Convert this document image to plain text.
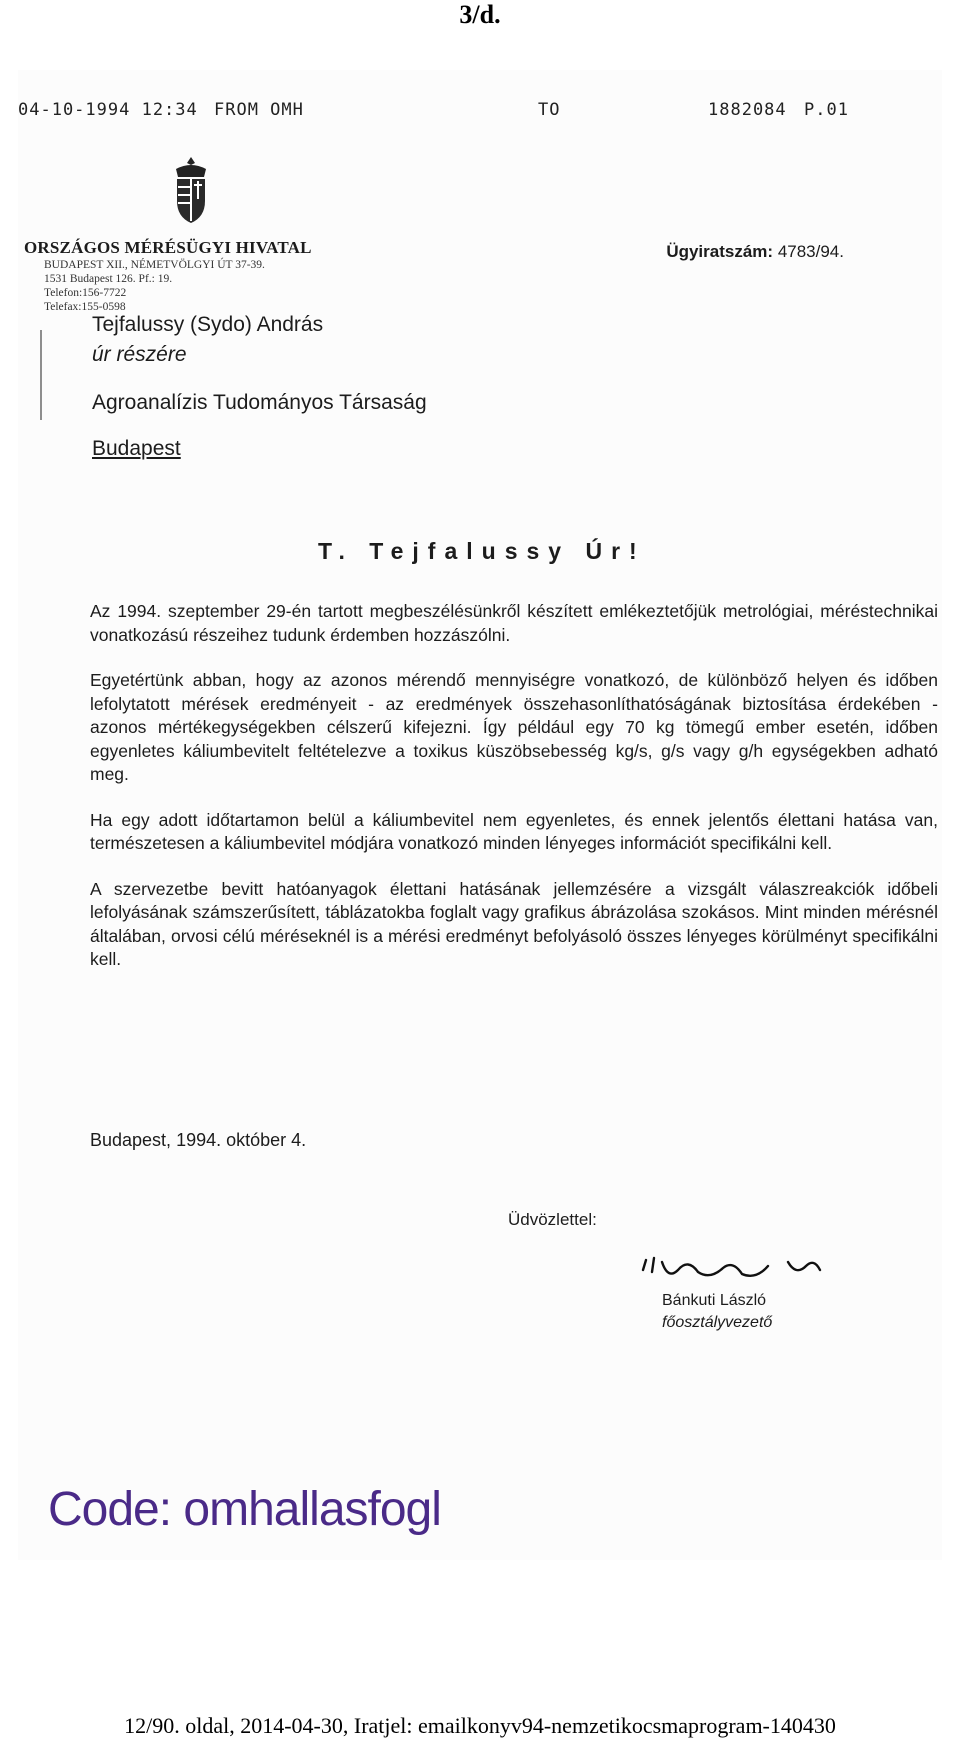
3/d.
04-10-1994 12:34 FROM OMH	TO	1882084 P.01
ORSZÁGOS MÉRÉSÜGYI HIVATAL
BUDAPEST XII., NÉMETVÖLGYI ÚT 37-39.
1531 Budapest 126. Pf.: 19.
Telefon:156-7722
Telefax:155-0598
Ügyiratszám: 4783/94.
Tejfalussy (Sydo) András
úr részére
Agroanalízis Tudományos Társaság
Budapest
T. Tejfalussy Úr!

Az 1994. szeptember 29-én tartott megbeszélésünkről készített emlékeztetőjük metrológiai, méréstechnikai vonatkozású részeihez tudunk érdemben hozzászólni.

Egyetértünk abban, hogy az azonos mérendő mennyiségre vonatkozó, de különböző helyen és időben lefolytatott mérések eredményeit - az eredmények összehasonlíthatóságának biztosítása érdekében - azonos mértékegységekben célszerű kifejezni. Így például egy 70 kg tömegű ember esetén, időben egyenletes káliumbevitelt feltételezve a toxikus küszöbsebesség kg/s, g/s vagy g/h egységekben adható meg.

Ha egy adott időtartamon belül a káliumbevitel nem egyenletes, és ennek jelentős élettani hatása van, természetesen a káliumbevitel módjára vonatkozó minden lényeges információt specifikálni kell.

A szervezetbe bevitt hatóanyagok élettani hatásának jellemzésére a vizsgált válaszreakciók időbeli lefolyásának számszerűsített, táblázatokba foglalt vagy grafikus ábrázolása szokásos. Mint minden mérésnél általában, orvosi célú méréseknél is a mérési eredményt befolyásoló összes lényeges körülményt specifikálni kell.

Budapest, 1994. október 4.
Üdvözlettel:
Bánkuti László
főosztályvezető
Code: omhallasfogl
12/90. oldal, 2014-04-30, Iratjel: emailkonyv94-nemzetikocsmaprogram-140430
